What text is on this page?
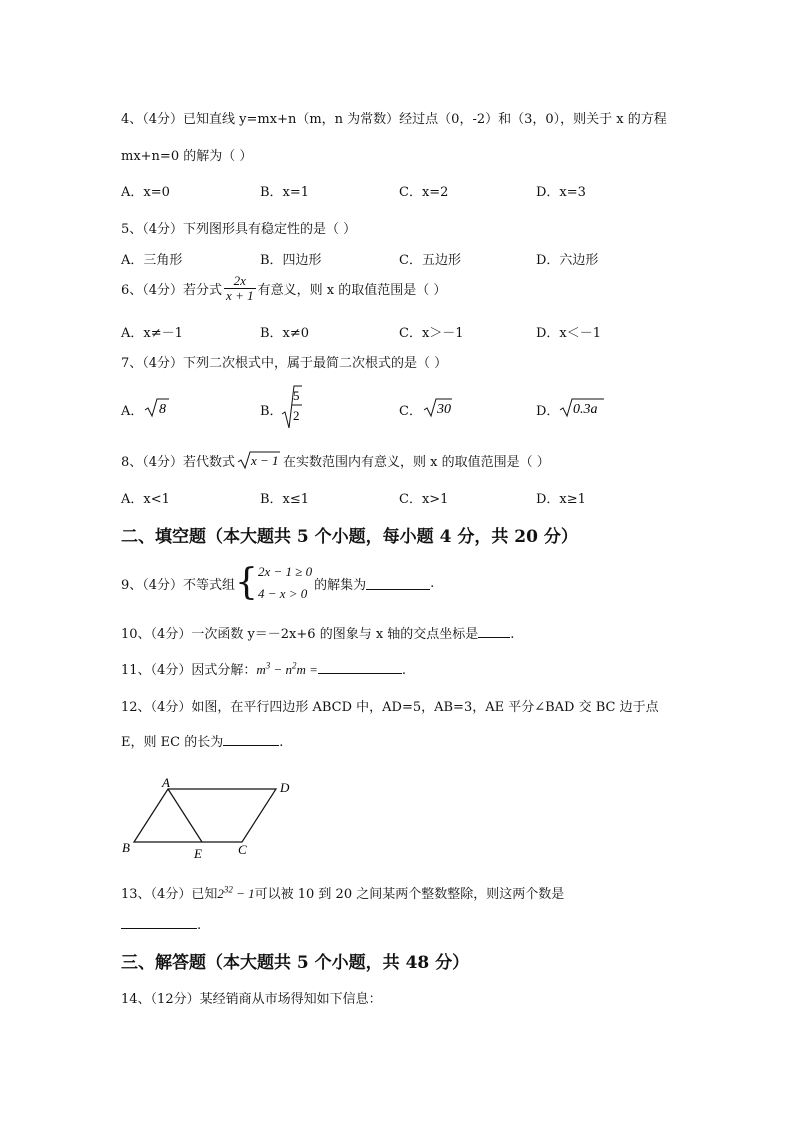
4、（4分）已知直线 y=mx+n（m，n 为常数）经过点（0，-2）和（3，0），则关于 x 的方程
mx+n=0 的解为（ ）
A．x=0	B．x=1	C．x=2	D．x=3
5、（4分）下列图形具有稳定性的是（ ）
A．三角形	B．四边形	C．五边形	D．六边形
6、（4分）若分式 $\frac{2x}{x + 1}$ 有意义，则 x 的取值范围是（ ）
A．x≠－1	B．x≠0	C．x＞－1	D．x＜－1
7、（4分）下列二次根式中，属于最简二次根式的是（ ）
A． 8	B．
5
2	C． 30	D． 0.3a
8、（4分）若代数式 x − 1 在实数范围内有意义，则 x 的取值范围是（ ）
A．x<1	B．x≤1	C．x>1	D．x≥1
二、填空题（本大题共 5 个小题，每小题 4 分，共 20 分）
9、（4分）不等式组 { 2x − 1 ≥ 0
4 − x > 0
的解集为	.
10、（4分）一次函数 y＝－2x+6 的图象与 x 轴的交点坐标是 .
11、（4分）因式分解：$m^3 - n^2m$ =	.
12、（4分）如图，在平行四边形 ABCD 中，AD=5，AB=3，AE 平分∠BAD 交 BC 边于点
E，则 EC 的长为	.
A	D
B	E	C
13、（4分）已知$2^{32} - 1$可以被 10 到 20 之间某两个整数整除，则这两个数是
.
三、解答题（本大题共 5 个小题，共 48 分）
14、（12分）某经销商从市场得知如下信息：
